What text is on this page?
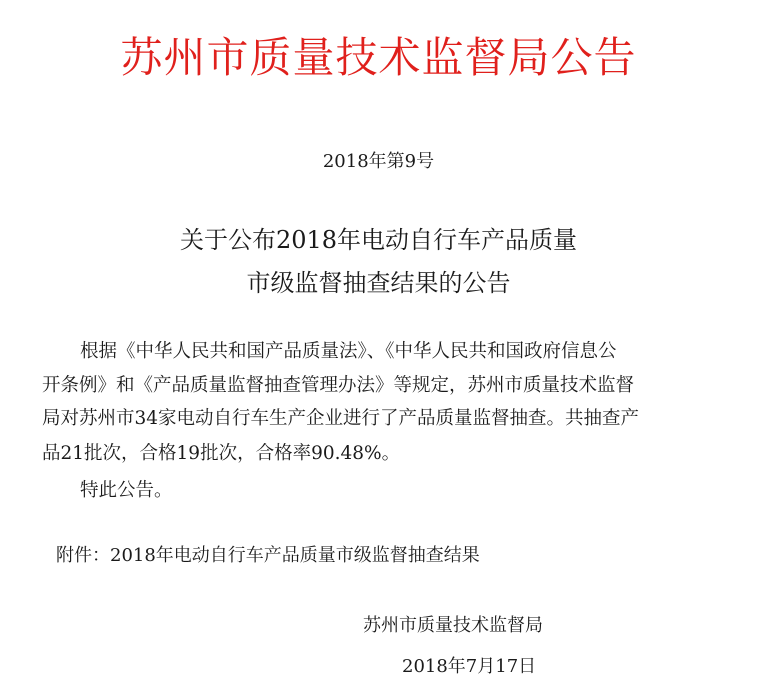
苏州市质量技术监督局公告
2018年第9号
关于公布2018年电动自行车产品质量
市级监督抽查结果的公告
根据《中华人民共和国产品质量法》、《中华人民共和国政府信息公
开条例》和《产品质量监督抽查管理办法》等规定，苏州市质量技术监督
局对苏州市34家电动自行车生产企业进行了产品质量监督抽查。共抽查产
品21批次，合格19批次，合格率90.48%。
特此公告。
附件：2018年电动自行车产品质量市级监督抽查结果
苏州市质量技术监督局
2018年7月17日
